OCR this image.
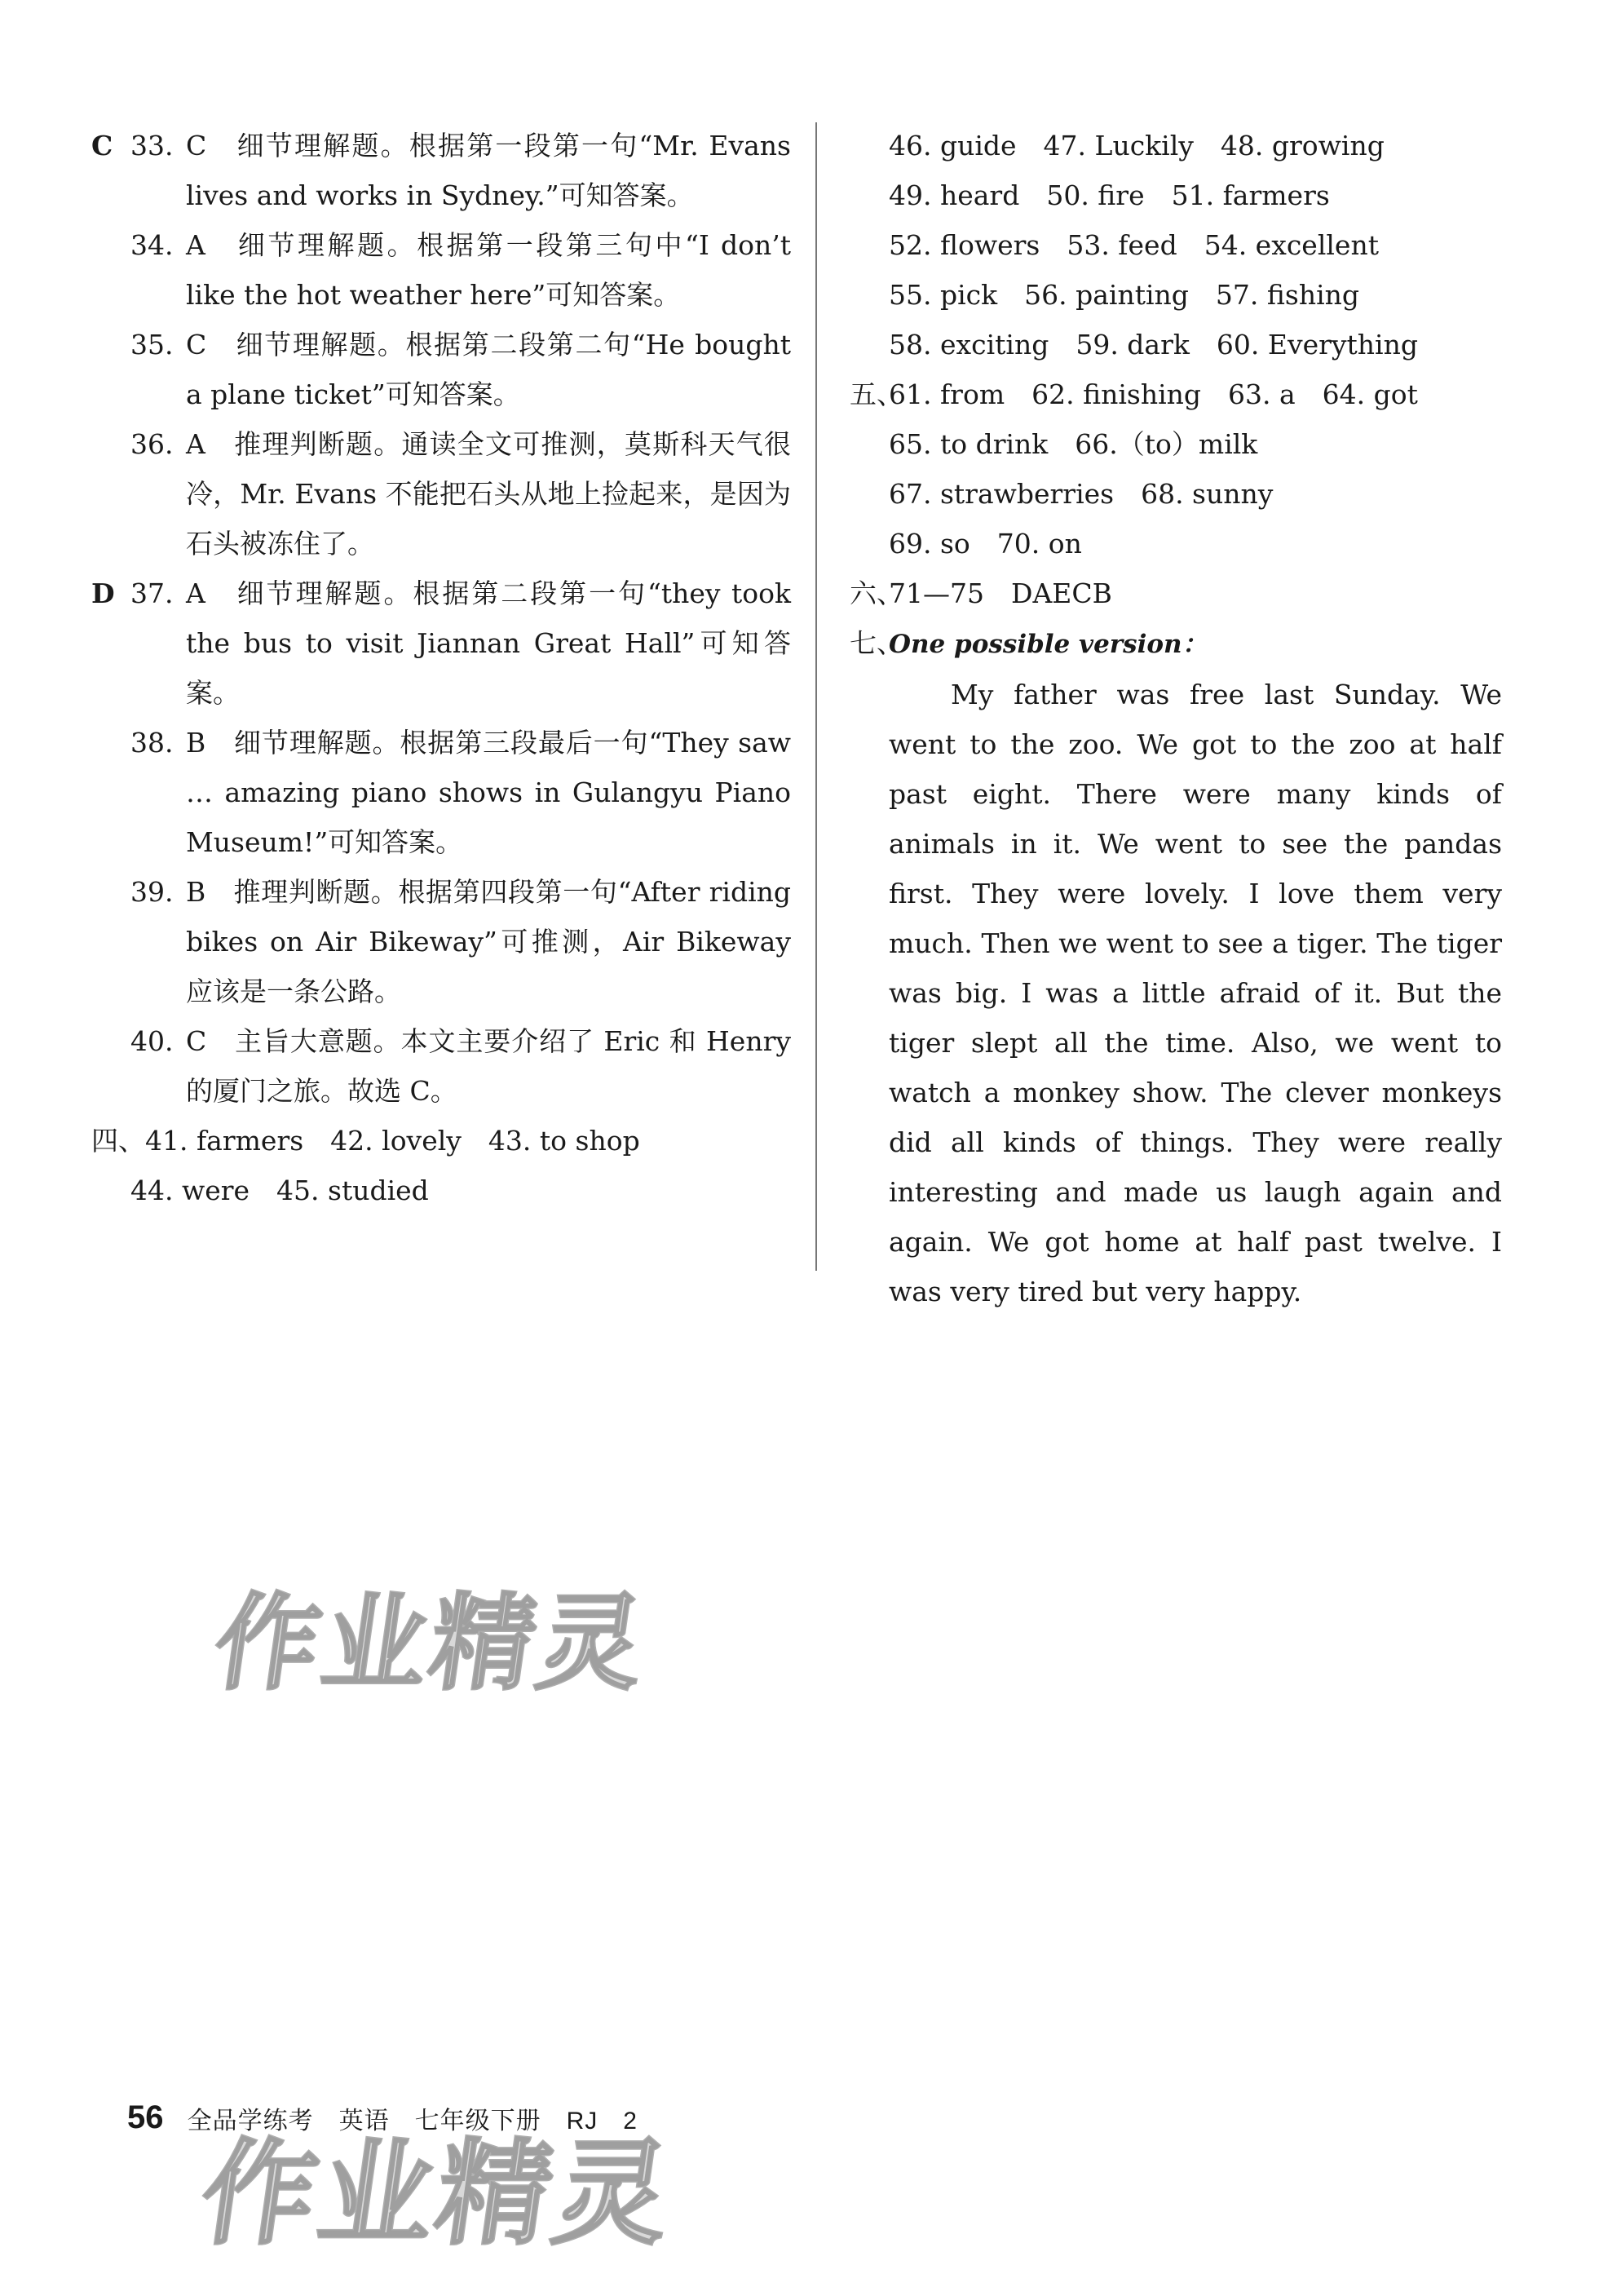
C 33. C　细节理解题。根据第一段第一句“Mr. Evans lives and works in Sydney.”可知答案。
34. A　细节理解题。根据第一段第三句中“I don’t like the hot weather here”可知答案。
35. C　细节理解题。根据第二段第二句“He bought a plane ticket”可知答案。
36. A　推理判断题。通读全文可推测，莫斯科天气很冷，Mr. Evans 不能把石头从地上捡起来，是因为石头被冻住了。
D 37. A　细节理解题。根据第二段第一句“they took the bus to visit Jiannan Great Hall”可知答案。
38. B　细节理解题。根据第三段最后一句“They saw … amazing piano shows in Gulangyu Piano Museum!”可知答案。
39. B　推理判断题。根据第四段第一句“After riding bikes on Air Bikeway”可推测，Air Bikeway 应该是一条公路。
40. C　主旨大意题。本文主要介绍了 Eric 和 Henry 的厦门之旅。故选 C。
四、41. farmers　42. lovely　43. to shop
44. were　45. studied
46. guide　47. Luckily　48. growing
49. heard　50. fire　51. farmers
52. flowers　53. feed　54. excellent
55. pick　56. painting　57. fishing
58. exciting　59. dark　60. Everything
五、61. from　62. finishing　63. a　64. got
65. to drink　66.（to）milk
67. strawberries　68. sunny
69. so　70. on
六、71—75　DAECB
七、One possible version：
My father was free last Sunday. We went to the zoo. We got to the zoo at half past eight. There were many kinds of animals in it. We went to see the pandas first. They were lovely. I love them very much. Then we went to see a tiger. The tiger was big. I was a little afraid of it. But the tiger slept all the time. Also, we went to watch a monkey show. The clever monkeys did all kinds of things. They were really interesting and made us laugh again and again. We got home at half past twelve. I was very tired but very happy.
作业精灵
56 全品学练考　英语　七年级下册　RJ　2
作业精灵
